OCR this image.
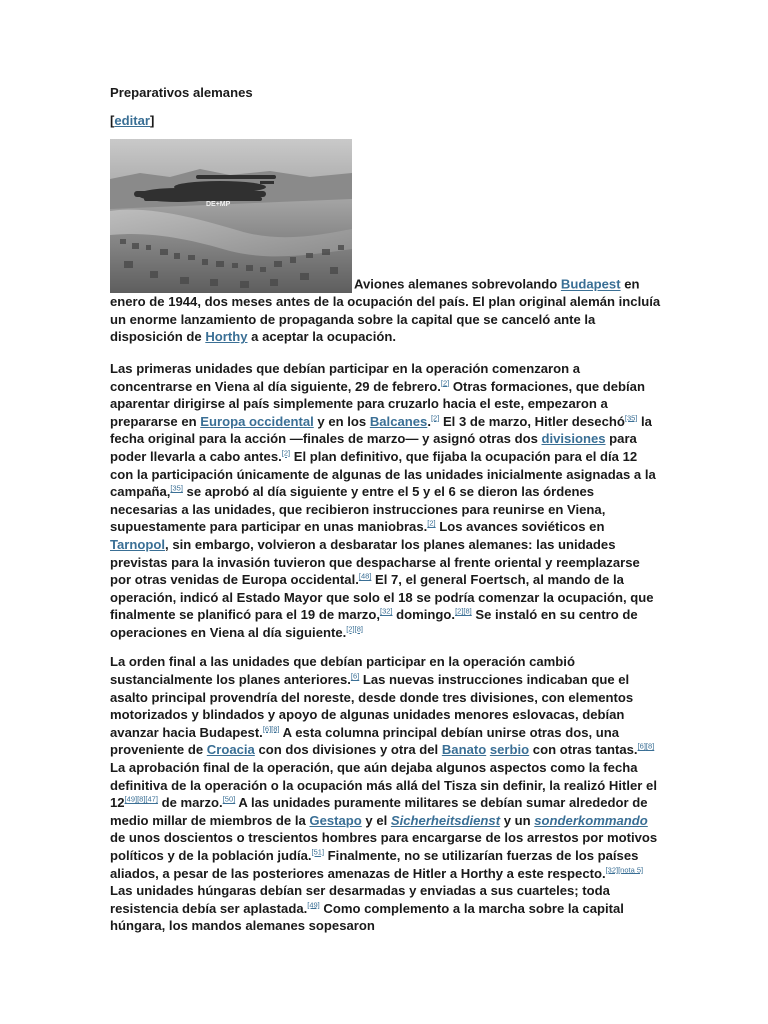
Preparativos alemanes
[editar]

DE+MP
Aviones alemanes sobrevolando Budapest en enero de 1944, dos meses antes de la ocupación del país. El plan original alemán incluía un enorme lanzamiento de propaganda sobre la capital que se canceló ante la disposición de Horthy a aceptar la ocupación.

Las primeras unidades que debían participar en la operación comenzaron a concentrarse en Viena al día siguiente, 29 de febrero.[2] Otras formaciones, que debían aparentar dirigirse al país simplemente para cruzarlo hacia el este, empezaron a prepararse en Europa occidental y en los Balcanes.[2] El 3 de marzo, Hitler desechó[35] la fecha original para la acción —finales de marzo— y asignó otras dos divisiones para poder llevarla a cabo antes.[2] El plan definitivo, que fijaba la ocupación para el día 12 con la participación únicamente de algunas de las unidades inicialmente asignadas a la campaña,[35] se aprobó al día siguiente y entre el 5 y el 6 se dieron las órdenes necesarias a las unidades, que recibieron instrucciones para reunirse en Viena, supuestamente para participar en unas maniobras.[2] Los avances soviéticos en Tarnopol, sin embargo, volvieron a desbaratar los planes alemanes: las unidades previstas para la invasión tuvieron que despacharse al frente oriental y reemplazarse por otras venidas de Europa occidental.[48] El 7, el general Foertsch, al mando de la operación, indicó al Estado Mayor que solo el 18 se podría comenzar la ocupación, que finalmente se planificó para el 19 de marzo,[32] domingo.[2][8] Se instaló en su centro de operaciones en Viena al día siguiente.[2][8]

La orden final a las unidades que debían participar en la operación cambió sustancialmente los planes anteriores.[6] Las nuevas instrucciones indicaban que el asalto principal provendría del noreste, desde donde tres divisiones, con elementos motorizados y blindados y apoyo de algunas unidades menores eslovacas, debían avanzar hacia Budapest.[6][8] A esta columna principal debían unirse otras dos, una proveniente de Croacia con dos divisiones y otra del Banato serbio con otras tantas.[6][8] La aprobación final de la operación, que aún dejaba algunos aspectos como la fecha definitiva de la operación o la ocupación más allá del Tisza sin definir, la realizó Hitler el 12[49][8][47] de marzo.[50] A las unidades puramente militares se debían sumar alrededor de medio millar de miembros de la Gestapo y el Sicherheitsdienst y un sonderkommando de unos doscientos o trescientos hombres para encargarse de los arrestos por motivos políticos y de la población judía.[51] Finalmente, no se utilizarían fuerzas de los países aliados, a pesar de las posteriores amenazas de Hitler a Horthy a este respecto.[32][nota 5] Las unidades húngaras debían ser desarmadas y enviadas a sus cuarteles; toda resistencia debía ser aplastada.[49] Como complemento a la marcha sobre la capital húngara, los mandos alemanes sopesaron
